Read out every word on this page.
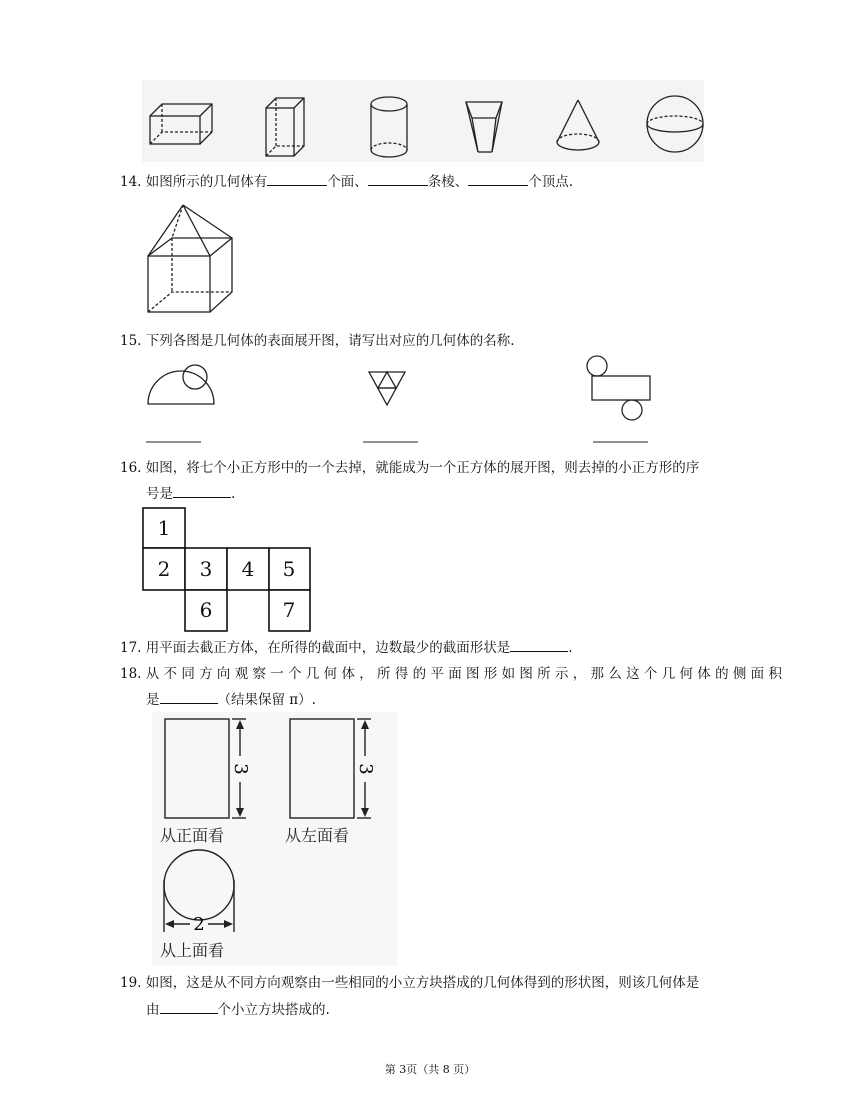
14. 如图所示的几何体有	个面、	条棱、	个顶点.
15. 下列各图是几何体的表面展开图，请写出对应的几何体的名称.
16. 如图，将七个小正方形中的一个去掉，就能成为一个正方体的展开图，则去掉的小正方形的序
号是	.
1
2 3 4 5
6	7
17. 用平面去截正方体，在所得的截面中，边数最少的截面形状是	.
18. 从 不 同 方 向 观 察 一 个 几 何 体 ， 所 得 的 平 面 图 形 如 图 所 示 ， 那 么 这 个 几 何 体 的 侧 面 积
是	（结果保留 π）.
3	3
2
从正面看	从左面看
从上面看
19. 如图，这是从不同方向观察由一些相同的小立方块搭成的几何体得到的形状图，则该几何体是
由	个小立方块搭成的.
第 3页（共 8 页）
